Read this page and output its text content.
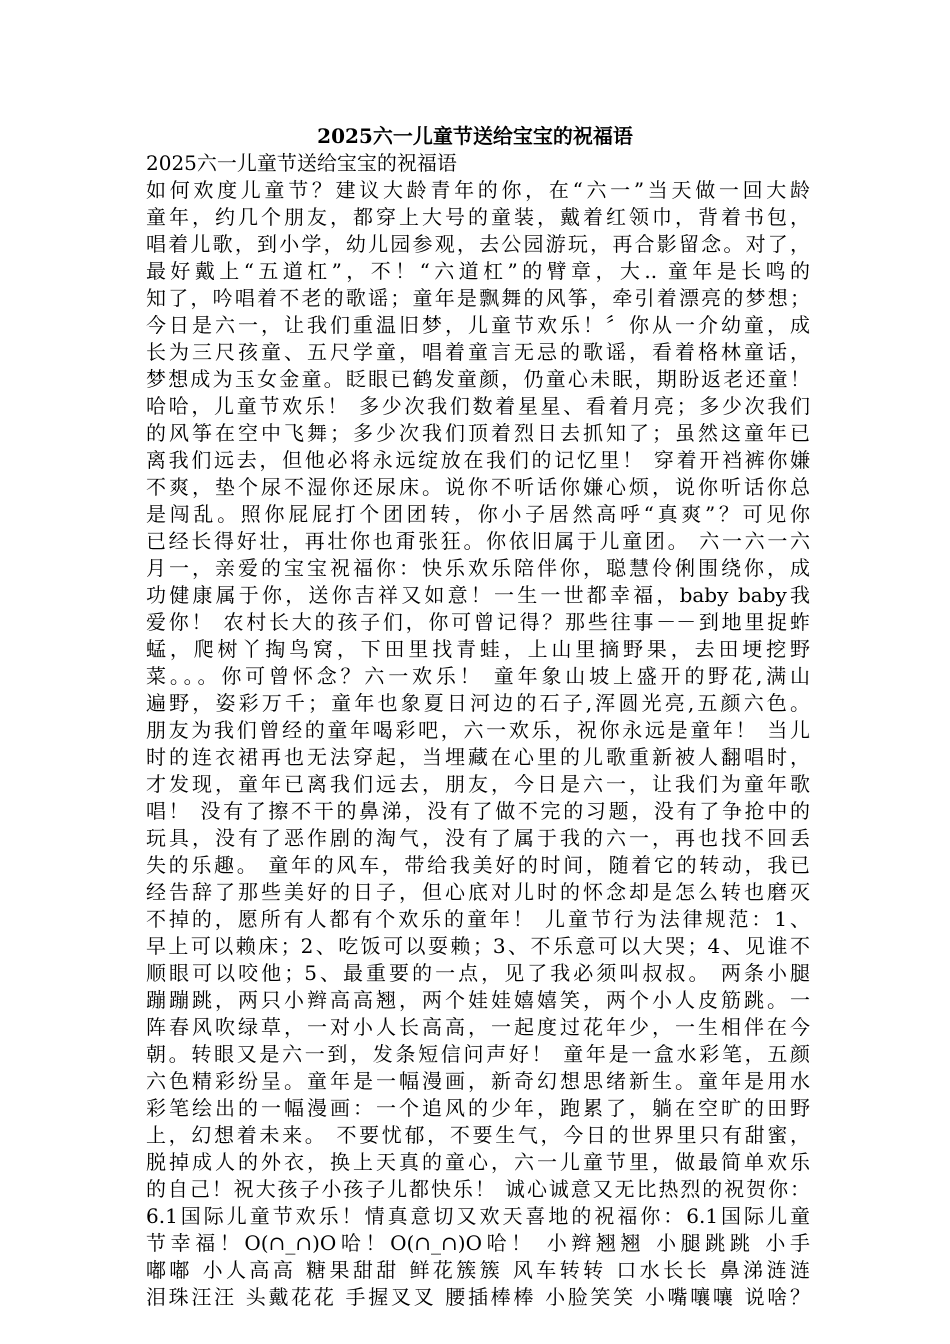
2025六一儿童节送给宝宝的祝福语
2025六一儿童节送给宝宝的祝福语
如何欢度儿童节？建议大龄青年的你，在“六一”当天做一回大龄
童年，约几个朋友，都穿上大号的童装，戴着红领巾，背着书包，
唱着儿歌，到小学，幼儿园参观，去公园游玩，再合影留念。对了，
最好戴上“五道杠”，不！“六道杠”的臂章，大.. 童年是长鸣的
知了，吟唱着不老的歌谣；童年是飘舞的风筝，牵引着漂亮的梦想；
今日是六一，让我们重温旧梦，儿童节欢乐！〞你从一介幼童，成
长为三尺孩童、五尺学童，唱着童言无忌的歌谣，看着格林童话，
梦想成为玉女金童。眨眼已鹤发童颜，仍童心未眠，期盼返老还童！
哈哈，儿童节欢乐！ 多少次我们数着星星、看着月亮；多少次我们
的风筝在空中飞舞；多少次我们顶着烈日去抓知了；虽然这童年已
离我们远去，但他必将永远绽放在我们的记忆里！ 穿着开裆裤你嫌
不爽，垫个尿不湿你还尿床。说你不听话你嫌心烦，说你听话你总
是闯乱。照你屁屁打个团团转，你小子居然高呼“真爽”？可见你
已经长得好壮，再壮你也甭张狂。你依旧属于儿童团。 六一六一六
月一，亲爱的宝宝祝福你：快乐欢乐陪伴你，聪慧伶俐围绕你，成
功健康属于你，送你吉祥又如意！一生一世都幸福，baby baby我
爱你！ 农村长大的孩子们，你可曾记得？那些往事－－到地里捉蚱
蜢，爬树丫掏鸟窝，下田里找青蛙，上山里摘野果，去田埂挖野
菜。。。你可曾怀念？六一欢乐！ 童年象山坡上盛开的野花,满山
遍野，姿彩万千；童年也象夏日河边的石子,浑圆光亮,五颜六色。
朋友为我们曾经的童年喝彩吧，六一欢乐，祝你永远是童年！ 当儿
时的连衣裙再也无法穿起，当埋藏在心里的儿歌重新被人翻唱时，
才发现，童年已离我们远去，朋友，今日是六一，让我们为童年歌
唱！ 没有了擦不干的鼻涕，没有了做不完的习题，没有了争抢中的
玩具，没有了恶作剧的淘气，没有了属于我的六一，再也找不回丢
失的乐趣。 童年的风车，带给我美好的时间，随着它的转动，我已
经告辞了那些美好的日子，但心底对儿时的怀念却是怎么转也磨灭
不掉的，愿所有人都有个欢乐的童年！ 儿童节行为法律规范：1、
早上可以赖床；2、吃饭可以耍赖；3、不乐意可以大哭；4、见谁不
顺眼可以咬他；5、最重要的一点，见了我必须叫叔叔。 两条小腿
蹦蹦跳，两只小辫高高翘，两个娃娃嬉嬉笑，两个小人皮筋跳。一
阵春风吹绿草，一对小人长高高，一起度过花年少，一生相伴在今
朝。转眼又是六一到，发条短信问声好！ 童年是一盒水彩笔，五颜
六色精彩纷呈。童年是一幅漫画，新奇幻想思绪新生。童年是用水
彩笔绘出的一幅漫画：一个追风的少年，跑累了，躺在空旷的田野
上，幻想着未来。 不要忧郁，不要生气，今日的世界里只有甜蜜，
脱掉成人的外衣，换上天真的童心，六一儿童节里，做最简单欢乐
的自己！祝大孩子小孩子儿都快乐！ 诚心诚意又无比热烈的祝贺你：
6.1国际儿童节欢乐！情真意切又欢天喜地的祝福你：6.1国际儿童
节幸福！O(∩_∩)O哈！O(∩_∩)O哈！ 小辫翘翘 小腿跳跳 小手
嘟嘟 小人高高 糖果甜甜 鲜花簇簇 风车转转 口水长长 鼻涕涟涟
泪珠汪汪 头戴花花 手握叉叉 腰插棒棒 小脸笑笑 小嘴嚷嚷 说啥？
